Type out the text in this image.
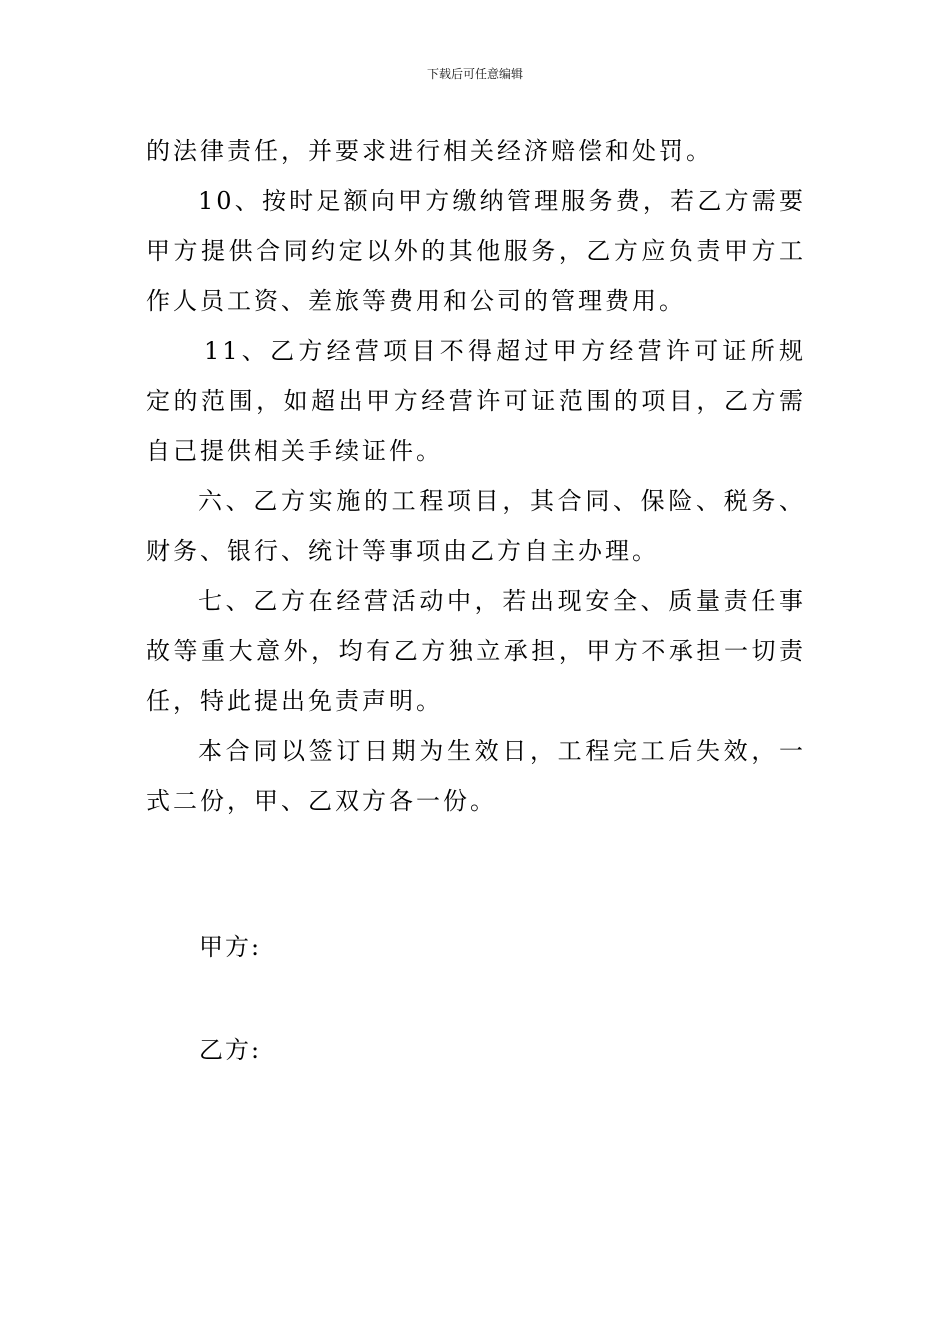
下载后可任意编辑

的法律责任，并要求进行相关经济赔偿和处罚。

10、按时足额向甲方缴纳管理服务费，若乙方需要甲方提供合同约定以外的其他服务，乙方应负责甲方工作人员工资、差旅等费用和公司的管理费用。

11、乙方经营项目不得超过甲方经营许可证所规定的范围，如超出甲方经营许可证范围的项目，乙方需自己提供相关手续证件。

六、乙方实施的工程项目，其合同、保险、税务、财务、银行、统计等事项由乙方自主办理。

七、乙方在经营活动中，若出现安全、质量责任事故等重大意外，均有乙方独立承担，甲方不承担一切责任，特此提出免责声明。

本合同以签订日期为生效日，工程完工后失效，一式二份，甲、乙双方各一份。

甲方:
乙方:
